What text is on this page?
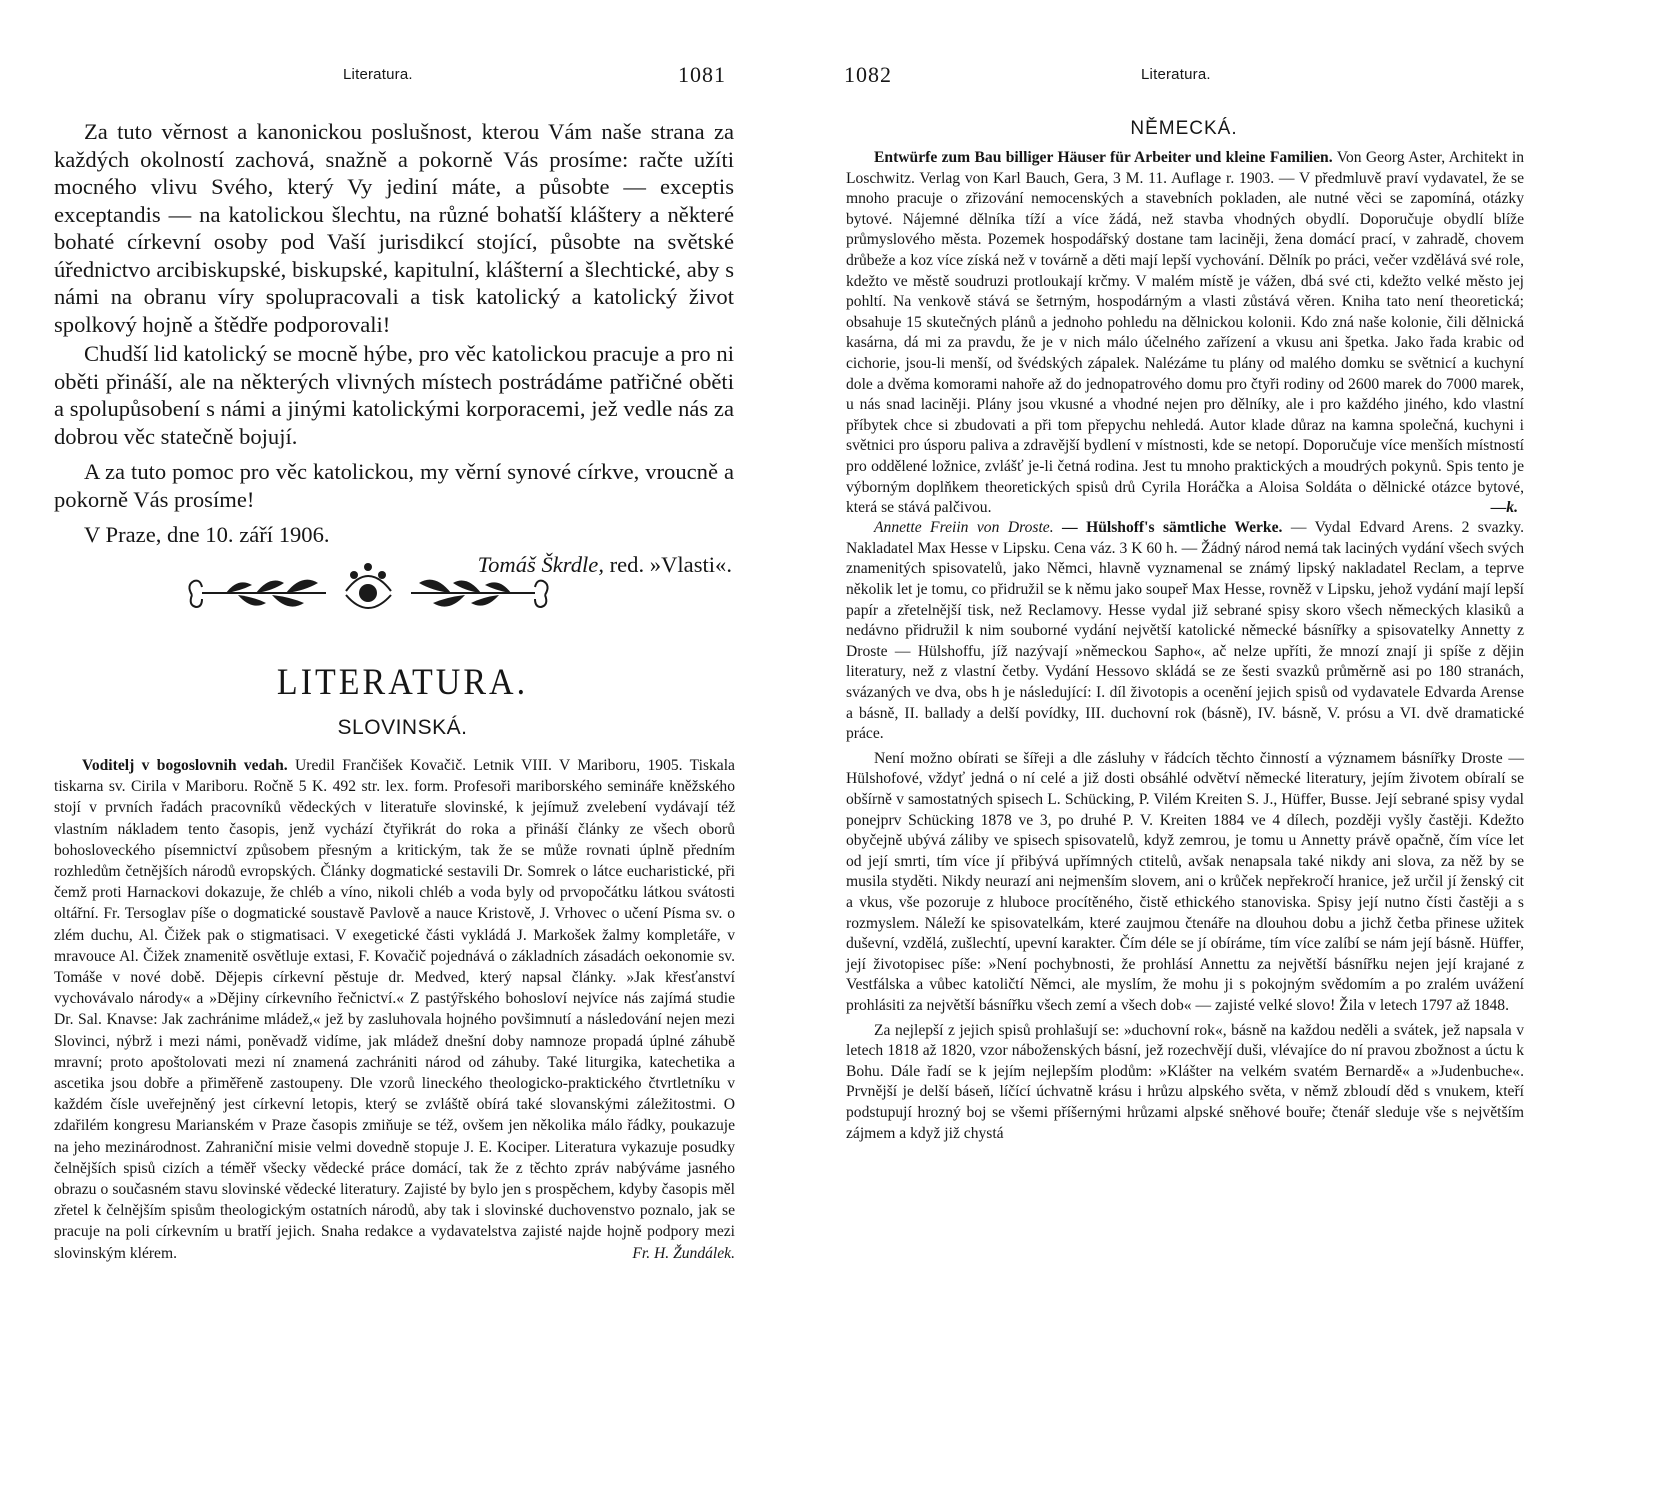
Literatura.	1081

Za tuto věrnost a kanonickou poslušnost, kterou Vám naše strana za každých okolností zachová, snažně a pokorně Vás prosíme: račte užíti mocného vlivu Svého, který Vy jediní máte, a působte — exceptis exceptandis — na katolickou šlechtu, na různé bohatší kláštery a některé bohaté církevní osoby pod Vaší jurisdikcí stojící, působte na světské úřednictvo arcibiskupské, biskupské, kapitulní, klášterní a šlechtické, aby s námi na obranu víry spolupracovali a tisk katolický a katolický život spolkový hojně a štědře podporovali!

Chudší lid katolický se mocně hýbe, pro věc katolickou pracuje a pro ni oběti přináší, ale na některých vlivných místech postrádáme patřičné oběti a spolupůsobení s námi a jinými katolickými korporacemi, jež vedle nás za dobrou věc statečně bojují.

A za tuto pomoc pro věc katolickou, my věrní synové církve, vroucně a pokorně Vás prosíme!

V Praze, dne 10. září 1906.

Tomáš Škrdle, red. »Vlasti«.
LITERATURA.
SLOVINSKÁ.

Voditelj v bogoslovnih vedah. Uredil Frančišek Kovačič. Letnik VIII. V Mariboru, 1905. Tiskala tiskarna sv. Cirila v Mariboru. Ročně 5 K. 492 str. lex. form. Profesoři mariborského semináře kněžského stojí v prvních řadách pracovníků vědeckých v literatuře slovinské, k jejímuž zvelebení vydávají též vlastním nákladem tento časopis, jenž vychází čtyřikrát do roka a přináší články ze všech oborů bohosloveckého písemnictví způsobem přesným a kritickým, tak že se může rovnati úplně předním rozhledům četnějších národů evropských. Články dogmatické sestavili Dr. Somrek o látce eucharistické, při čemž proti Harnackovi dokazuje, že chléb a víno, nikoli chléb a voda byly od prvopočátku látkou svátosti oltářní. Fr. Tersoglav píše o dogmatické soustavě Pavlově a nauce Kristově, J. Vrhovec o učení Písma sv. o zlém duchu, Al. Čižek pak o stigmatisaci. V exegetické části vykládá J. Markošek žalmy kompletáře, v mravouce Al. Čižek znamenitě osvětluje extasi, F. Kovačič pojednává o základních zásadách oekonomie sv. Tomáše v nové době. Dějepis církevní pěstuje dr. Medved, který napsal články. »Jak křesťanství vychovávalo národy« a »Dějiny církevního řečnictví.« Z pastýřského bohosloví nejvíce nás zajímá studie Dr. Sal. Knavse: Jak zachránime mládež,« jež by zasluhovala hojného povšimnutí a následování nejen mezi Slovinci, nýbrž i mezi námi, poněvadž vidíme, jak mládež dnešní doby namnoze propadá úplné záhubě mravní; proto apoštolovati mezi ní znamená zachrániti národ od záhuby. Také liturgika, katechetika a ascetika jsou dobře a přiměřeně zastoupeny. Dle vzorů lineckého theologicko-praktického čtvrtletníku v každém čísle uveřejněný jest církevní letopis, který se zvláště obírá také slovanskými záležitostmi. O zdařilém kongresu Marianském v Praze časopis zmiňuje se též, ovšem jen několika málo řádky, poukazuje na jeho mezinárodnost. Zahraniční misie velmi dovedně stopuje J. E. Kociper. Literatura vykazuje posudky čelnějších spisů cizích a téměř všecky vědecké práce domácí, tak že z těchto zpráv nabýváme jasného obrazu o současném stavu slovinské vědecké literatury. Zajisté by bylo jen s prospěchem, kdyby časopis měl zřetel k čelnějším spisům theologickým ostatních národů, aby tak i slovinské duchovenstvo poznalo, jak se pracuje na poli církevním u bratří jejich. Snaha redakce a vydavatelstva zajisté najde hojně podpory mezi slovinským klérem.	Fr. H. Žundálek.
1082	Literatura.
NĚMECKÁ.

Entwürfe zum Bau billiger Häuser für Arbeiter und kleine Familien. Von Georg Aster, Architekt in Loschwitz. Verlag von Karl Bauch, Gera, 3 M. 11. Auflage r. 1903. — V předmluvě praví vydavatel, že se mnoho pracuje o zřizování nemocenských a stavebních pokladen, ale nutné věci se zapomíná, otázky bytové. Nájemné dělníka tíží a více žádá, než stavba vhodných obydlí. Doporučuje obydlí blíže průmyslového města. Pozemek hospodářský dostane tam laciněji, žena domácí prací, v zahradě, chovem drůbeže a koz více získá než v továrně a děti mají lepší vychování. Dělník po práci, večer vzdělává své role, kdežto ve městě soudruzi protloukají krčmy. V malém místě je vážen, dbá své cti, kdežto velké město jej pohltí. Na venkově stává se šetrným, hospodárným a vlasti zůstává věren. Kniha tato není theoretická; obsahuje 15 skutečných plánů a jednoho pohledu na dělnickou kolonii. Kdo zná naše kolonie, čili dělnická kasárna, dá mi za pravdu, že je v nich málo účelného zařízení a vkusu ani špetka. Jako řada krabic od cichorie, jsou-li menší, od švédských zápalek. Nalézáme tu plány od malého domku se světnicí a kuchyní dole a dvěma komorami nahoře až do jednopatrového domu pro čtyři rodiny od 2600 marek do 7000 marek, u nás snad laciněji. Plány jsou vkusné a vhodné nejen pro dělníky, ale i pro každého jiného, kdo vlastní příbytek chce si zbudovati a při tom přepychu nehledá. Autor klade důraz na kamna společná, kuchyni i světnici pro úsporu paliva a zdravější bydlení v místnosti, kde se netopí. Doporučuje více menších místností pro oddělené ložnice, zvlášť je-li četná rodina. Jest tu mnoho praktických a moudrých pokynů. Spis tento je výborným doplňkem theoretických spisů drů Cyrila Horáčka a Aloisa Soldáta o dělnické otázce bytové, která se stává palčivou.	—k.

Annette Freiin von Droste. — Hülshoff's sämtliche Werke. — Vydal Edvard Arens. 2 svazky. Nakladatel Max Hesse v Lipsku. Cena váz. 3 K 60 h. — Žádný národ nemá tak laciných vydání všech svých znamenitých spisovatelů, jako Němci, hlavně vyznamenal se známý lipský nakladatel Reclam, a teprve několik let je tomu, co přidružil se k němu jako soupeř Max Hesse, rovněž v Lipsku, jehož vydání mají lepší papír a zřetelnější tisk, než Reclamovy. Hesse vydal již sebrané spisy skoro všech německých klasiků a nedávno přidružil k nim souborné vydání největší katolické německé básnířky a spisovatelky Annetty z Droste — Hülshoffu, jíž nazývají »německou Sapho«, ač nelze upříti, že mnozí znají ji spíše z dějin literatury, než z vlastní četby. Vydání Hessovo skládá se ze šesti svazků průměrně asi po 180 stranách, svázaných ve dva, obs h je následující: I. díl životopis a ocenění jejich spisů od vydavatele Edvarda Arense a básně, II. ballady a delší povídky, III. duchovní rok (básně), IV. básně, V. prósu a VI. dvě dramatické práce.

Není možno obírati se šířeji a dle zásluhy v řádcích těchto činností a významem básnířky Droste — Hülshofové, vždyť jedná o ní celé a již dosti obsáhlé odvětví německé literatury, jejím životem obíralí se obšírně v samostatných spisech L. Schücking, P. Vilém Kreiten S. J., Hüffer, Busse. Její sebrané spisy vydal ponejprv Schücking 1878 ve 3, po druhé P. V. Kreiten 1884 ve 4 dílech, později vyšly častěji. Kdežto obyčejně ubývá záliby ve spisech spisovatelů, když zemrou, je tomu u Annetty právě opačně, čím více let od její smrti, tím více jí přibývá upřímných ctitelů, avšak nenapsala také nikdy ani slova, za něž by se musila styděti. Nikdy neurazí ani nejmenším slovem, ani o krůček nepřekročí hranice, jež určil jí ženský cit a vkus, vše pozoruje z hluboce procítěného, čistě ethického stanoviska. Spisy její nutno čísti častěji a s rozmyslem. Náleží ke spisovatelkám, které zaujmou čtenáře na dlouhou dobu a jichž četba přinese užitek duševní, vzdělá, zušlechtí, upevní karakter. Čím déle se jí obíráme, tím více zalíbí se nám její básně. Hüffer, její životopisec píše: »Není pochybnosti, že prohlásí Annettu za největší básnířku nejen její krajané z Vestfálska a vůbec katoličtí Němci, ale myslím, že mohu ji s pokojným svědomím a po zralém uvážení prohlásiti za největší básnířku všech zemí a všech dob« — zajisté velké slovo! Žila v letech 1797 až 1848.

Za nejlepší z jejich spisů prohlašují se: »duchovní rok«, básně na každou neděli a svátek, jež napsala v letech 1818 až 1820, vzor náboženských básní, jež rozechvějí duši, vlévajíce do ní pravou zbožnost a úctu k Bohu. Dále řadí se k jejím nejlepším plodům: »Klášter na velkém svatém Bernardě« a »Judenbuche«. Prvnější je delší báseň, líčící úchvatně krásu i hrůzu alpského světa, v němž zbloudí děd s vnukem, kteří podstupují hrozný boj se všemi příšernými hrůzami alpské sněhové bouře; čtenář sleduje vše s největším zájmem a když již chystá
